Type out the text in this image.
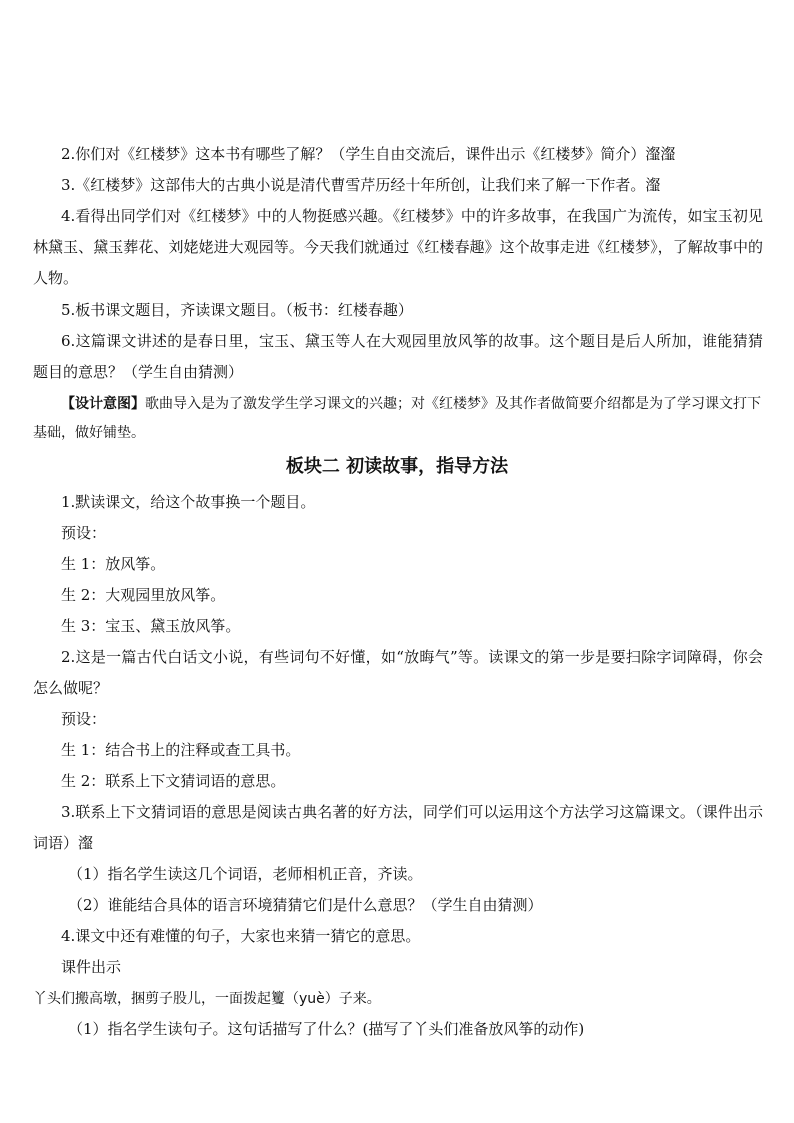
2.你们对《红楼梦》这本书有哪些了解？（学生自由交流后，课件出示《红楼梦》简介）瀣瀣

3.《红楼梦》这部伟大的古典小说是清代曹雪芹历经十年所创，让我们来了解一下作者。瀣

4.看得出同学们对《红楼梦》中的人物挺感兴趣。《红楼梦》中的许多故事，在我国广为流传，如宝玉初见林黛玉、黛玉葬花、刘姥姥进大观园等。今天我们就通过《红楼春趣》这个故事走进《红楼梦》，了解故事中的人物。

5.板书课文题目，齐读课文题目。（板书：红楼春趣）

6.这篇课文讲述的是春日里，宝玉、黛玉等人在大观园里放风筝的故事。这个题目是后人所加，谁能猜猜题目的意思？（学生自由猜测）

【设计意图】歌曲导入是为了激发学生学习课文的兴趣；对《红楼梦》及其作者做简要介绍都是为了学习课文打下基础，做好铺垫。
板块二 初读故事，指导方法

1.默读课文，给这个故事换一个题目。

预设：

生 1：放风筝。

生 2：大观园里放风筝。

生 3：宝玉、黛玉放风筝。

2.这是一篇古代白话文小说，有些词句不好懂，如“放晦气”等。读课文的第一步是要扫除字词障碍，你会怎么做呢？

预设：

生 1：结合书上的注释或查工具书。

生 2：联系上下文猜词语的意思。

3.联系上下文猜词语的意思是阅读古典名著的好方法，同学们可以运用这个方法学习这篇课文。（课件出示词语）瀣

（1）指名学生读这几个词语，老师相机正音，齐读。

（2）谁能结合具体的语言环境猜猜它们是什么意思？（学生自由猜测）

4.课文中还有难懂的句子，大家也来猜一猜它的意思。

课件出示

丫头们搬高墩，捆剪子股儿，一面拨起籰（yuè）子来。

（1）指名学生读句子。这句话描写了什么？(描写了丫头们准备放风筝的动作)
